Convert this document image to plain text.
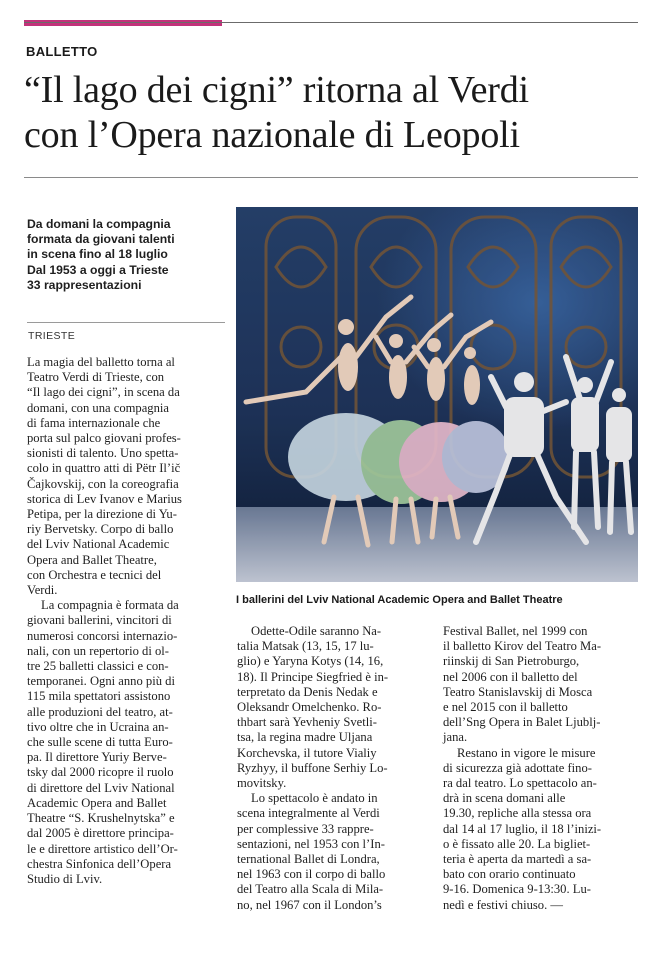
BALLETTO
“Il lago dei cigni” ritorna al Verdi
con l’Opera nazionale di Leopoli
Da domani la compagnia
formata da giovani talenti
in scena fino al 18 luglio
Dal 1953 a oggi a Trieste
33 rappresentazioni
TRIESTE
La magia del balletto torna al
Teatro Verdi di Trieste, con
“Il lago dei cigni”, in scena da
domani, con una compagnia
di fama internazionale che
porta sul palco giovani profes-
sionisti di talento. Uno spetta-
colo in quattro atti di Pëtr Il’ič
Čajkovskij, con la coreografia
storica di Lev Ivanov e Marius
Petipa, per la direzione di Yu-
riy Bervetsky. Corpo di ballo
del Lviv National Academic
Opera and Ballet Theatre,
con Orchestra e tecnici del
Verdi.
La compagnia è formata da
giovani ballerini, vincitori di
numerosi concorsi internazio-
nali, con un repertorio di ol-
tre 25 balletti classici e con-
temporanei. Ogni anno più di
115 mila spettatori assistono
alle produzioni del teatro, at-
tivo oltre che in Ucraina an-
che sulle scene di tutta Euro-
pa. Il direttore Yuriy Berve-
tsky dal 2000 ricopre il ruolo
di direttore del Lviv National
Academic Opera and Ballet
Theatre “S. Krushelnytska” e
dal 2005 è direttore principa-
le e direttore artistico dell’Or-
chestra Sinfonica dell’Opera
Studio di Lviv.
I ballerini del Lviv National Academic Opera and Ballet Theatre
Odette-Odile saranno Na-
talia Matsak (13, 15, 17 lu-
glio) e Yaryna Kotys (14, 16,
18). Il Principe Siegfried è in-
terpretato da Denis Nedak e
Oleksandr Omelchenko. Ro-
thbart sarà Yevheniy Svetli-
tsa, la regina madre Uljana
Korchevska, il tutore Vialiy
Ryzhyy, il buffone Serhiy Lo-
movitsky.
Lo spettacolo è andato in
scena integralmente al Verdi
per complessive 33 rappre-
sentazioni, nel 1953 con l’In-
ternational Ballet di Londra,
nel 1963 con il corpo di ballo
del Teatro alla Scala di Mila-
no, nel 1967 con il London’s
Festival Ballet, nel 1999 con
il balletto Kirov del Teatro Ma-
riinskij di San Pietroburgo,
nel 2006 con il balletto del
Teatro Stanislavskij di Mosca
e nel 2015 con il balletto
dell’Sng Opera in Balet Ljublj-
jana.
Restano in vigore le misure
di sicurezza già adottate fino-
ra dal teatro. Lo spettacolo an-
drà in scena domani alle
19.30, repliche alla stessa ora
dal 14 al 17 luglio, il 18 l’inizi-
o è fissato alle 20. La bigliet-
teria è aperta da martedì a sa-
bato con orario continuato
9-16. Domenica 9-13:30. Lu-
nedì e festivi chiuso. —
